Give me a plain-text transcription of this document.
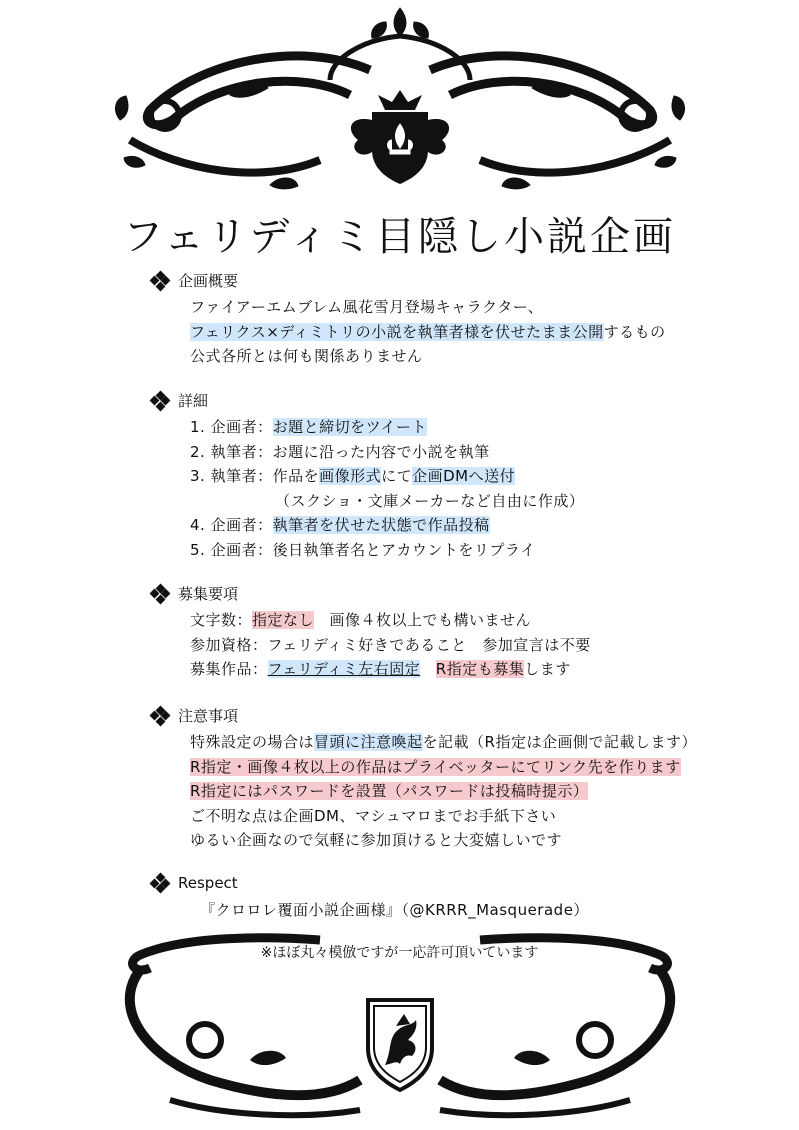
フェリディミ目隠し小説企画
企画概要
ファイアーエムブレム風花雪月登場キャラクター、
フェリクス×ディミトリの小説を執筆者様を伏せたまま公開するもの
公式各所とは何も関係ありません
詳細
1. 企画者：お題と締切をツイート
2. 執筆者：お題に沿った内容で小説を執筆
3. 執筆者：作品を画像形式にて企画DMへ送付
（スクショ・文庫メーカーなど自由に作成）
4. 企画者：執筆者を伏せた状態で作品投稿
5. 企画者：後日執筆者名とアカウントをリプライ
募集要項
文字数：指定なし　画像４枚以上でも構いません
参加資格：フェリディミ好きであること　参加宣言は不要
募集作品：フェリディミ左右固定　 R指定も募集します
注意事項
特殊設定の場合は冒頭に注意喚起を記載（R指定は企画側で記載します）
R指定・画像４枚以上の作品はプライベッターにてリンク先を作ります
R指定にはパスワードを設置（パスワードは投稿時提示）
ご不明な点は企画DM、マシュマロまでお手紙下さい
ゆるい企画なので気軽に参加頂けると大変嬉しいです
Respect
『クロロレ覆面小説企画様』（@KRRR_Masquerade）
※ほぼ丸々模倣ですが一応許可頂いています
